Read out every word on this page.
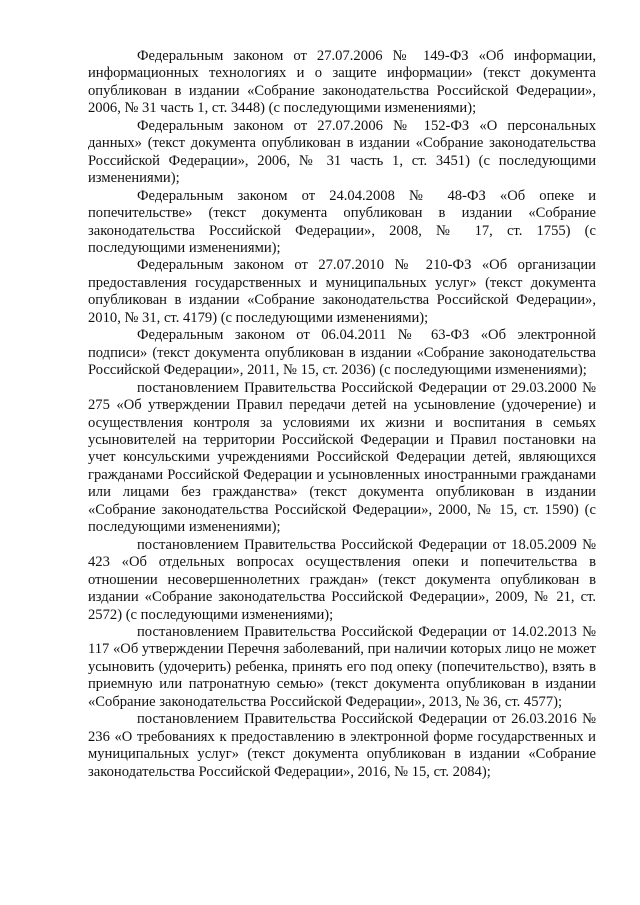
Федеральным законом от 27.07.2006 № 149-ФЗ «Об информации, информационных технологиях и о защите информации» (текст документа опубликован в издании «Собрание законодательства Российской Федерации», 2006, № 31 часть 1, ст. 3448) (с последующими изменениями);

Федеральным законом от 27.07.2006 № 152-ФЗ «О персональных данных» (текст документа опубликован в издании «Собрание законодательства Российской Федерации», 2006, № 31 часть 1, ст. 3451) (с последующими изменениями);

Федеральным законом от 24.04.2008 № 48-ФЗ «Об опеке и попечительстве» (текст документа опубликован в издании «Собрание законодательства Российской Федерации», 2008, № 17, ст. 1755) (с последующими изменениями);

Федеральным законом от 27.07.2010 № 210-ФЗ «Об организации предоставления государственных и муниципальных услуг» (текст документа опубликован в издании «Собрание законодательства Российской Федерации», 2010, № 31, ст. 4179) (с последующими изменениями);

Федеральным законом от 06.04.2011 № 63-ФЗ «Об электронной подписи» (текст документа опубликован в издании «Собрание законодательства Российской Федерации», 2011, № 15, ст. 2036) (с последующими изменениями);

постановлением Правительства Российской Федерации от 29.03.2000 № 275 «Об утверждении Правил передачи детей на усыновление (удочерение) и осуществления контроля за условиями их жизни и воспитания в семьях усыновителей на территории Российской Федерации и Правил постановки на учет консульскими учреждениями Российской Федерации детей, являющихся гражданами Российской Федерации и усыновленных иностранными гражданами или лицами без гражданства» (текст документа опубликован в издании «Собрание законодательства Российской Федерации», 2000, № 15, ст. 1590) (с последующими изменениями);

постановлением Правительства Российской Федерации от 18.05.2009 № 423 «Об отдельных вопросах осуществления опеки и попечительства в отношении несовершеннолетних граждан» (текст документа опубликован в издании «Собрание законодательства Российской Федерации», 2009, № 21, ст. 2572) (с последующими изменениями);

постановлением Правительства Российской Федерации от 14.02.2013 № 117 «Об утверждении Перечня заболеваний, при наличии которых лицо не может усыновить (удочерить) ребенка, принять его под опеку (попечительство), взять в приемную или патронатную семью» (текст документа опубликован в издании «Собрание законодательства Российской Федерации», 2013, № 36, ст. 4577);

постановлением Правительства Российской Федерации от 26.03.2016 № 236 «О требованиях к предоставлению в электронной форме государственных и муниципальных услуг» (текст документа опубликован в издании «Собрание законодательства Российской Федерации», 2016, № 15, ст. 2084);
